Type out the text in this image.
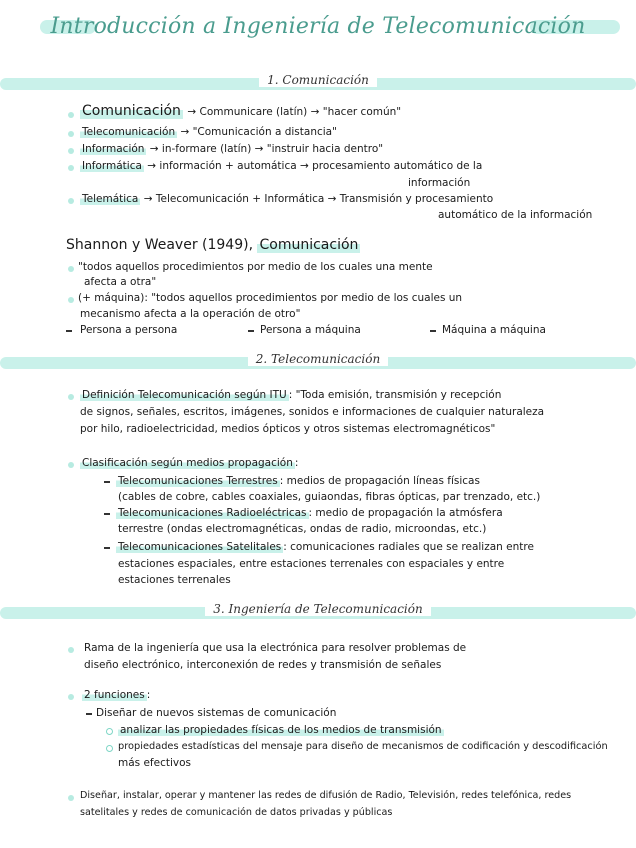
Introducción a Ingeniería de Telecomunicación
1. Comunicación
Comunicación → Communicare (latín) → "hacer común"
Telecomunicación → "Comunicación a distancia"
Información → in-formare (latín) → "instruir hacia dentro"
Informática → información + automática → procesamiento automático de la
información
Telemática → Telecomunicación + Informática → Transmisión y procesamiento
automático de la información
Shannon y Weaver (1949), Comunicación
"todos aquellos procedimientos por medio de los cuales una mente
afecta a otra"
(+ máquina): "todos aquellos procedimientos por medio de los cuales un
mecanismo afecta a la operación de otro"
Persona a persona	Persona a máquina	Máquina a máquina
2. Telecomunicación
Definición Telecomunicación según ITU : "Toda emisión, transmisión y recepción
de signos, señales, escritos, imágenes, sonidos e informaciones de cualquier naturaleza
por hilo, radioelectricidad, medios ópticos y otros sistemas electromagnéticos"
Clasificación según medios propagación :
Telecomunicaciones Terrestres : medios de propagación líneas físicas
(cables de cobre, cables coaxiales, guiaondas, fibras ópticas, par trenzado, etc.)
Telecomunicaciones Radioeléctricas : medio de propagación la atmósfera
terrestre (ondas electromagnéticas, ondas de radio, microondas, etc.)
Telecomunicaciones Satelitales : comunicaciones radiales que se realizan entre
estaciones espaciales, entre estaciones terrenales con espaciales y entre
estaciones terrenales
3. Ingeniería de Telecomunicación
Rama de la ingeniería que usa la electrónica para resolver problemas de
diseño electrónico, interconexión de redes y transmisión de señales
2 funciones :
Diseñar de nuevos sistemas de comunicación
analizar las propiedades físicas de los medios de transmisión
propiedades estadísticas del mensaje para diseño de mecanismos de codificación y descodificación
más efectivos
Diseñar, instalar, operar y mantener las redes de difusión de Radio, Televisión, redes telefónica, redes
satelitales y redes de comunicación de datos privadas y públicas
